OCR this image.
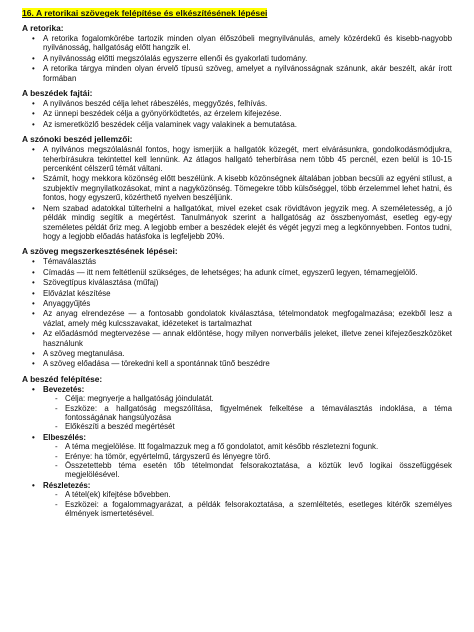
16. A retorikai szövegek felépítése és elkészítésének lépései
A retorika:
• A retorika fogalomkörébe tartozik minden olyan élőszóbeli megnyilvánulás, amely közérdekű és kisebb-nagyobb nyilvánosság, hallgatóság előtt hangzik el.
• A nyilvánosság előtti megszólalás egyszerre ellenői és gyakorlati tudomány.
• A retorika tárgya minden olyan érvelő típusú szöveg, amelyet a nyilvánosságnak szánunk, akár beszélt, akár írott formában
A beszédek fajtái:
• A nyilvános beszéd célja lehet rábeszélés, meggyőzés, felhívás.
• Az ünnepi beszédek célja a gyönyörködtetés, az érzelem kifejezése.
• Az ismeretközlő beszédek célja valaminek vagy valakinek a bemutatása.
A szónoki beszéd jellemzői:
• A nyilvános megszólalásnál fontos, hogy ismerjük a hallgatók közegét, mert elvárásunkra, gondolkodásmódjukra, teherbírásukra tekintettel kell lennünk. Az átlagos hallgató teherbírása nem több 45 percnél, ezen belül is 10-15 percenként célszerű témát váltani.
• Számít, hogy mekkora közönség előtt beszélünk. A kisebb közönségnek általában jobban becsüli az egyéni stílust, a szubjektív megnyilatkozásokat, mint a nagyközönség. Tömegekre több külsőséggel, több érzelemmel lehet hatni, és fontos, hogy egyszerű, közérthető nyelven beszéljünk.
• Nem szabad adatokkal túlterhelni a hallgatókat, mivel ezeket csak rövidtávon jegyzik meg. A személetesség, a jó példák mindig segítik a megértést. Tanulmányok szerint a hallgatóság az összbenyomást, esetleg egy-egy személetes példát őriz meg. A legjobb ember a beszédek elejét és végét jegyzi meg a legkönnyebben. Fontos tudni, hogy a legjobb előadás hatásfoka is legfeljebb 20%.
A szöveg megszerkesztésének lépései:
• Témaválasztás
• Címadás — itt nem feltétlenül szükséges, de lehetséges; ha adunk címet, egyszerű legyen, témamegjelölő.
• Szövegtípus kiválasztása (műfaj)
• Elővázlat készítése
• Anyaggyűjtés
• Az anyag elrendezése — a fontosabb gondolatok kiválasztása, tételmondatok megfogalmazása; ezekből lesz a vázlat, amely még kulcsszavakat, idézeteket is tartalmazhat
• Az előadásmód megtervezése — annak eldöntése, hogy milyen nonverbális jeleket, illetve zenei kifejezőeszközöket használunk
• A szöveg megtanulása.
• A szöveg előadása — törekedni kell a spontánnak tűnő beszédre
A beszéd felépítése:
• Bevezetés:
- Célja: megnyerje a hallgatóság jóindulatát.
- Eszköze: a hallgatóság megszólítása, figyelmének felkeltése a témaválasztás indoklása, a téma fontosságának hangsúlyozása
- Előkészíti a beszéd megértését
• Elbeszélés:
- A téma megjelölése. Itt fogalmazzuk meg a fő gondolatot, amit később részletezni fogunk.
- Erénye: ha tömör, egyértelmű, tárgyszerű és lényegre törő.
- Összetettebb téma esetén tőb tételmondat felsorakoztatása, a köztük levő logikai összefüggések megjelölésével.
• Részletezés:
- A tétel(ek) kifejtése bővebben.
- Eszközei: a fogalommagyarázat, a példák felsorakoztatása, a szemléltetés, esetleges kitérők személyes élmények ismertetésével.
